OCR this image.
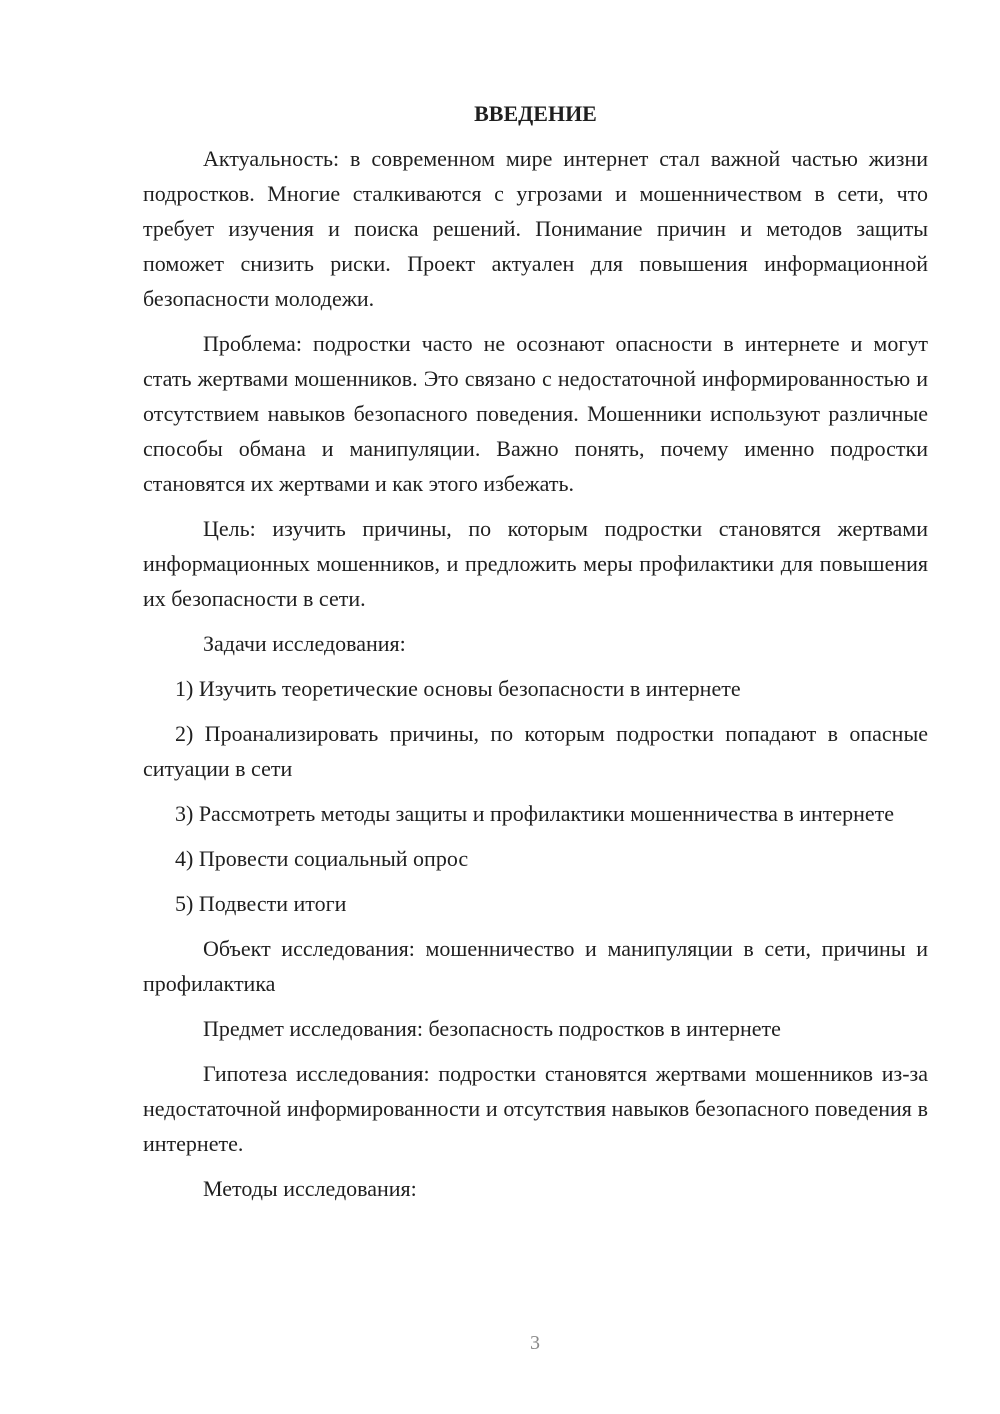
ВВЕДЕНИЕ

Актуальность: в современном мире интернет стал важной частью жизни подростков. Многие сталкиваются с угрозами и мошенничеством в сети, что требует изучения и поиска решений. Понимание причин и методов защиты поможет снизить риски. Проект актуален для повышения информационной безопасности молодежи.

Проблема: подростки часто не осознают опасности в интернете и могут стать жертвами мошенников. Это связано с недостаточной информированностью и отсутствием навыков безопасного поведения. Мошенники используют различные способы обмана и манипуляции. Важно понять, почему именно подростки становятся их жертвами и как этого избежать.

Цель: изучить причины, по которым подростки становятся жертвами информационных мошенников, и предложить меры профилактики для повышения их безопасности в сети.

Задачи исследования:

1) Изучить теоретические основы безопасности в интернете

2) Проанализировать причины, по которым подростки попадают в опасные ситуации в сети

3) Рассмотреть методы защиты и профилактики мошенничества в интернете

4) Провести социальный опрос

5) Подвести итоги

Объект исследования: мошенничество и манипуляции в сети, причины и профилактика

Предмет исследования: безопасность подростков в интернете

Гипотеза исследования: подростки становятся жертвами мошенников из-за недостаточной информированности и отсутствия навыков безопасного поведения в интернете.

Методы исследования:

3
